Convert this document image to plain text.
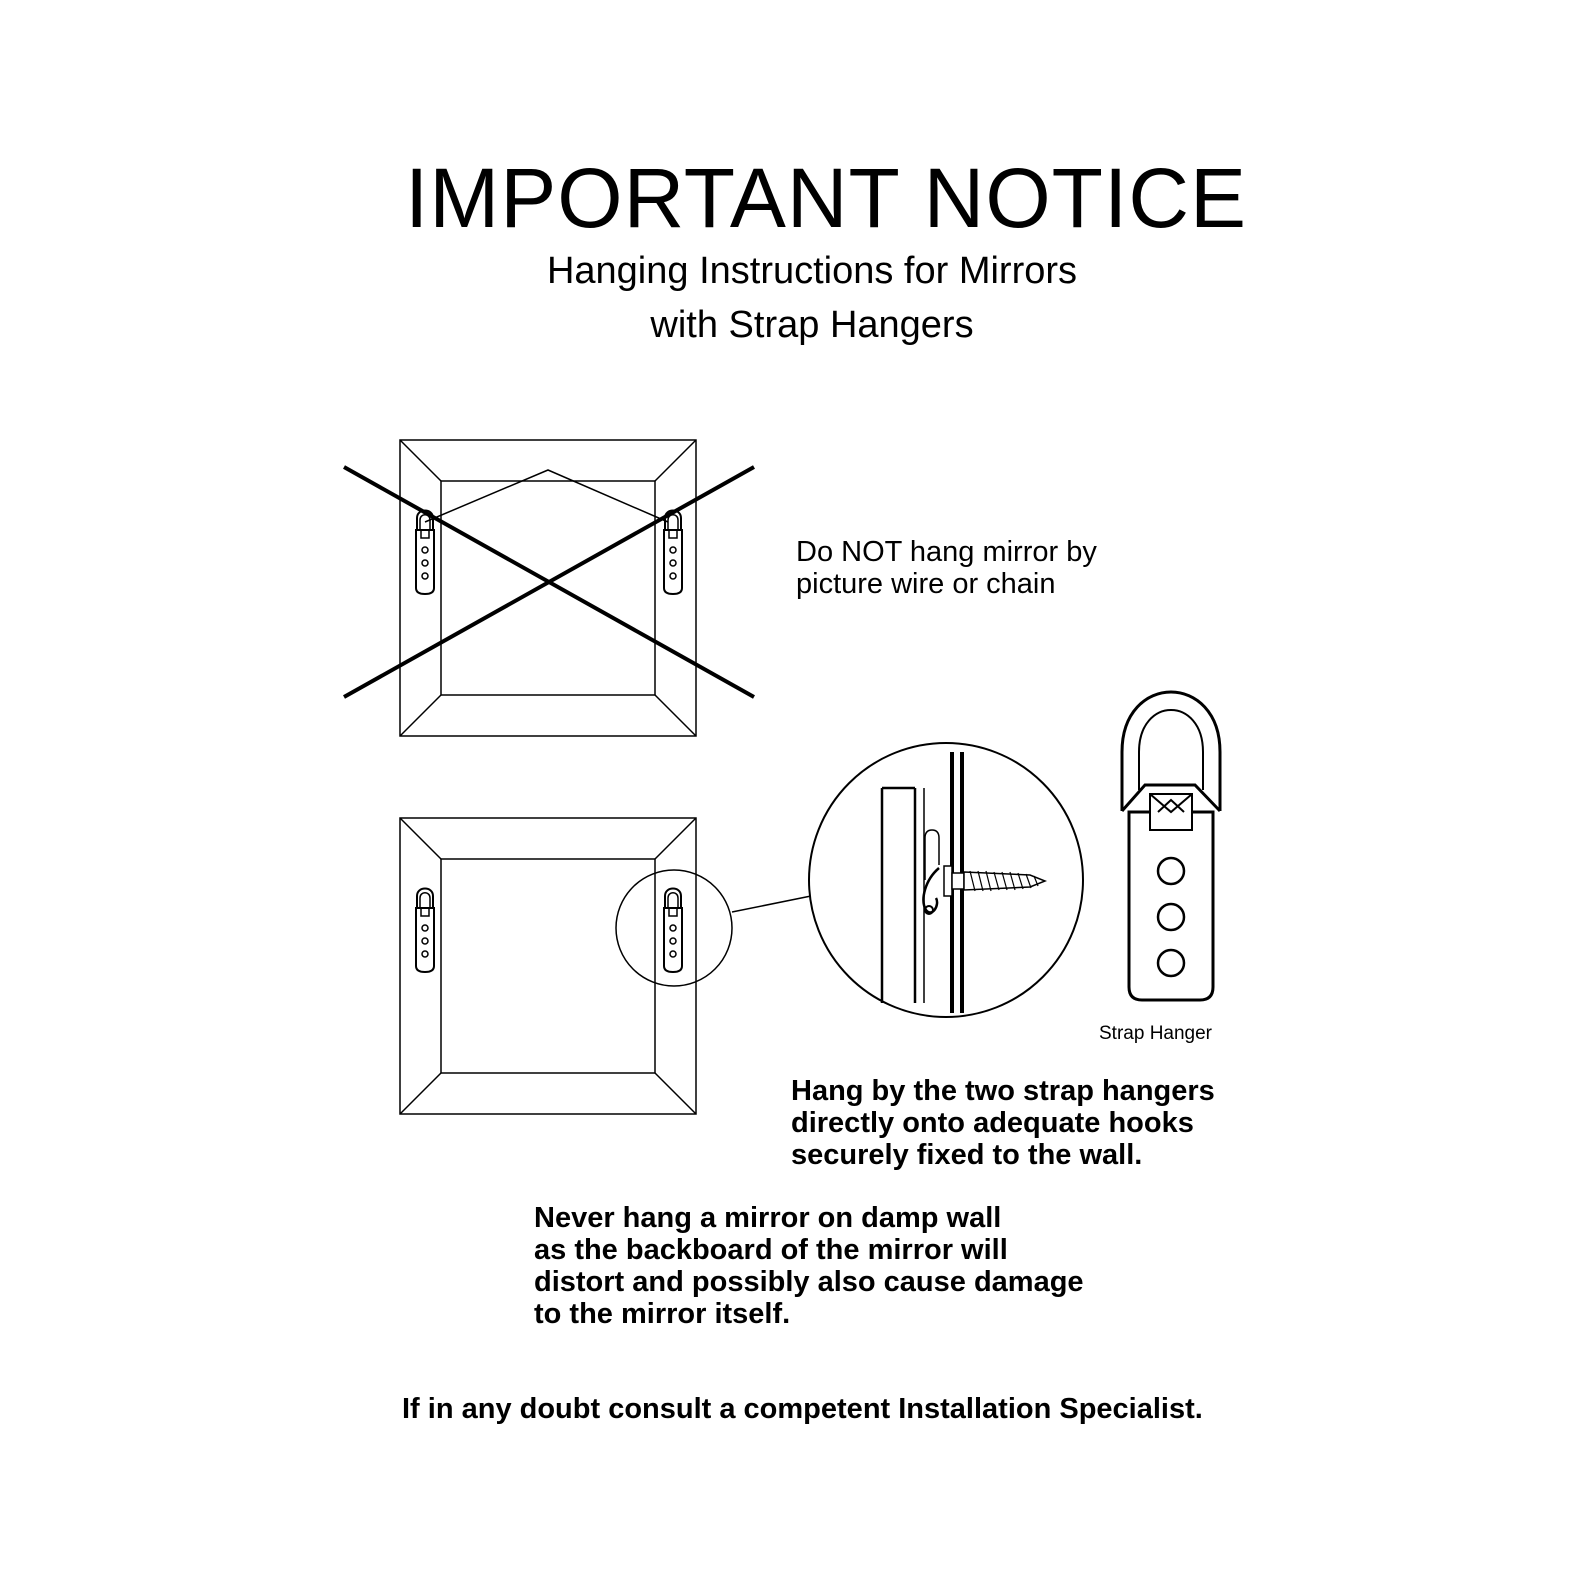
IMPORTANT NOTICE

Hanging Instructions for Mirrors

with Strap Hangers

Do NOT hang mirror by

picture wire or chain

Strap Hanger

Hang by the two strap hangers

directly onto adequate hooks

securely fixed to the wall.

Never hang a mirror on damp wall

as the backboard of the mirror will

distort and possibly also cause damage

to the mirror itself.

If in any doubt consult a competent Installation Specialist.
